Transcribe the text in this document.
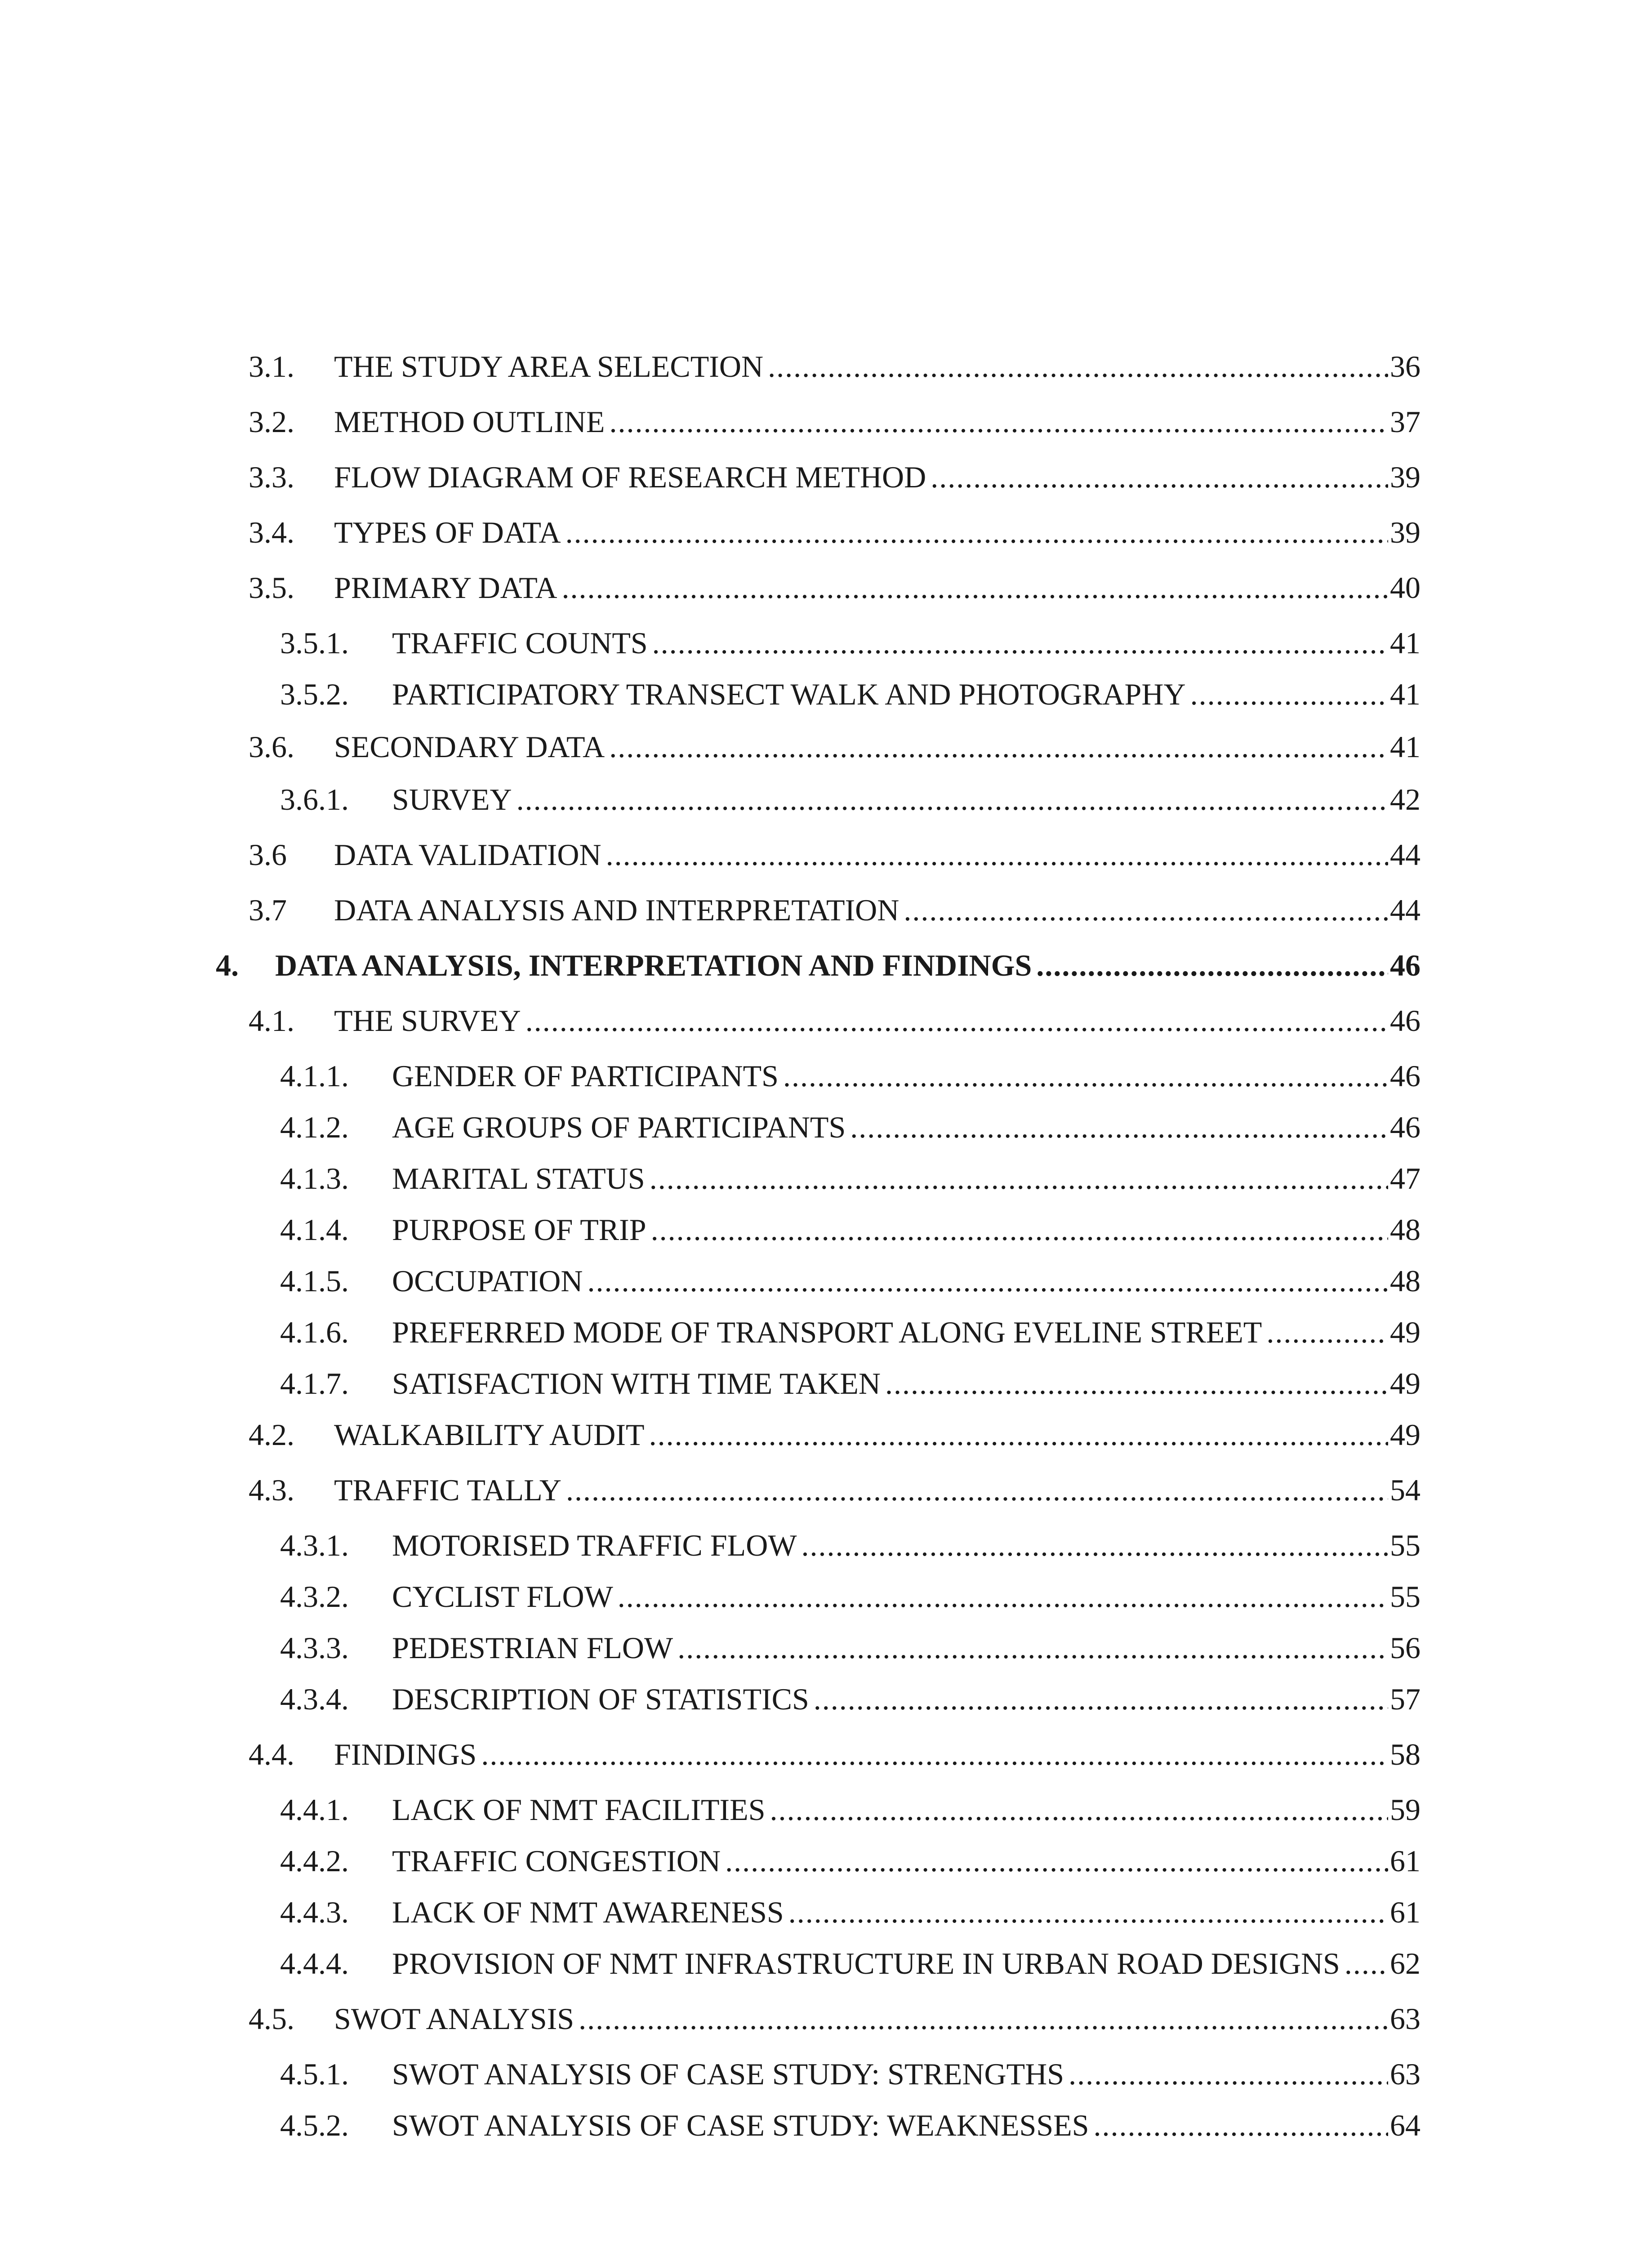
3.1. THE STUDY AREA SELECTION .....	36
3.2. METHOD OUTLINE .....	37
3.3. FLOW DIAGRAM OF RESEARCH METHOD .....	39
3.4. TYPES OF DATA .....	39
3.5. PRIMARY DATA .....	40
3.5.1. TRAFFIC COUNTS .....	41
3.5.2. PARTICIPATORY TRANSECT WALK AND PHOTOGRAPHY .....	41
3.6. SECONDARY DATA .....	41
3.6.1. SURVEY .....	42
3.6 DATA VALIDATION .....	44
3.7 DATA ANALYSIS AND INTERPRETATION .....	44
4. DATA ANALYSIS, INTERPRETATION AND FINDINGS .....	46
4.1. THE SURVEY .....	46
4.1.1. GENDER OF PARTICIPANTS .....	46
4.1.2. AGE GROUPS OF PARTICIPANTS .....	46
4.1.3. MARITAL STATUS .....	47
4.1.4. PURPOSE OF TRIP .....	48
4.1.5. OCCUPATION .....	48
4.1.6. PREFERRED MODE OF TRANSPORT ALONG EVELINE STREET .....	49
4.1.7. SATISFACTION WITH TIME TAKEN .....	49
4.2. WALKABILITY AUDIT .....	49
4.3. TRAFFIC TALLY .....	54
4.3.1. MOTORISED TRAFFIC FLOW .....	55
4.3.2. CYCLIST FLOW .....	55
4.3.3. PEDESTRIAN FLOW .....	56
4.3.4. DESCRIPTION OF STATISTICS .....	57
4.4. FINDINGS .....	58
4.4.1. LACK OF NMT FACILITIES .....	59
4.4.2. TRAFFIC CONGESTION .....	61
4.4.3. LACK OF NMT AWARENESS .....	61
4.4.4. PROVISION OF NMT INFRASTRUCTURE IN URBAN ROAD DESIGNS ..... 62
4.5. SWOT ANALYSIS .....	63
4.5.1. SWOT ANALYSIS OF CASE STUDY: STRENGTHS .....	63
4.5.2. SWOT ANALYSIS OF CASE STUDY: WEAKNESSES .....	64
